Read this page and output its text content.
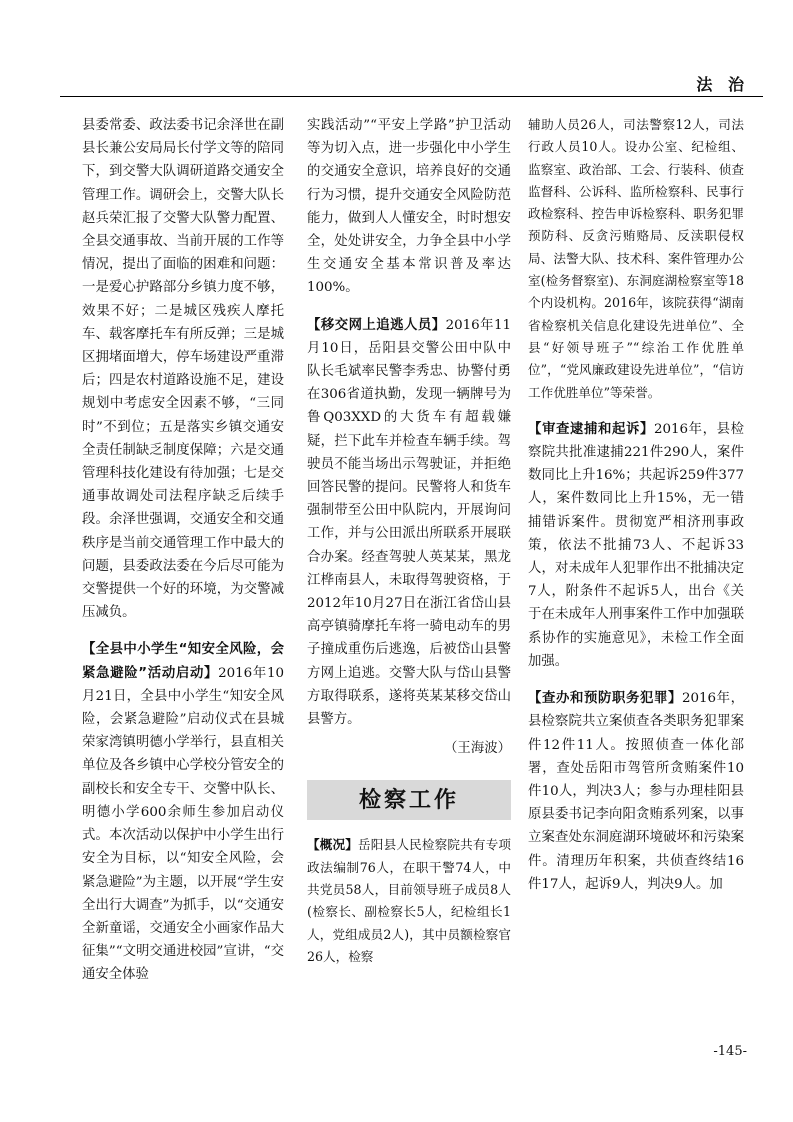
法 治

县委常委、政法委书记余泽世在副县长兼公安局局长付学文等的陪同下，到交警大队调研道路交通安全管理工作。调研会上，交警大队长赵兵荣汇报了交警大队警力配置、全县交通事故、当前开展的工作等情况，提出了面临的困难和问题：一是爱心护路部分乡镇力度不够，效果不好；二是城区残疾人摩托车、载客摩托车有所反弹；三是城区拥堵面增大，停车场建设严重滞后；四是农村道路设施不足，建设规划中考虑安全因素不够，“三同时”不到位；五是落实乡镇交通安全责任制缺乏制度保障；六是交通管理科技化建设有待加强；七是交通事故调处司法程序缺乏后续手段。余泽世强调，交通安全和交通秩序是当前交通管理工作中最大的问题，县委政法委在今后尽可能为交警提供一个好的环境，为交警减压减负。

【全县中小学生“知安全风险，会紧急避险”活动启动】2016年10月21日，全县中小学生“知安全风险，会紧急避险”启动仪式在县城荣家湾镇明德小学举行，县直相关单位及各乡镇中心学校分管安全的副校长和安全专干、交警中队长、明德小学600余师生参加启动仪式。本次活动以保护中小学生出行安全为目标，以“知安全风险，会紧急避险”为主题，以开展“学生安全出行大调查”为抓手，以“交通安全新童谣，交通安全小画家作品大征集”“文明交通进校园”宣讲，“交通安全体验

实践活动”“平安上学路”护卫活动等为切入点，进一步强化中小学生的交通安全意识，培养良好的交通行为习惯，提升交通安全风险防范能力，做到人人懂安全，时时想安全，处处讲安全，力争全县中小学生交通安全基本常识普及率达100%。

【移交网上追逃人员】2016年11月10日，岳阳县交警公田中队中队长毛斌率民警李秀忠、协警付勇在306省道执勤，发现一辆牌号为鲁Q03XXD的大货车有超载嫌疑，拦下此车并检查车辆手续。驾驶员不能当场出示驾驶证，并拒绝回答民警的提问。民警将人和货车强制带至公田中队院内，开展询问工作，并与公田派出所联系开展联合办案。经查驾驶人英某某，黑龙江桦南县人，未取得驾驶资格，于2012年10月27日在浙江省岱山县高亭镇骑摩托车将一骑电动车的男子撞成重伤后逃逸，后被岱山县警方网上追逃。交警大队与岱山县警方取得联系，遂将英某某移交岱山县警方。

（王海波）

检察工作

【概况】岳阳县人民检察院共有专项政法编制76人，在职干警74人，中共党员58人，目前领导班子成员8人(检察长、副检察长5人，纪检组长1人，党组成员2人)，其中员额检察官26人，检察

辅助人员26人，司法警察12人，司法行政人员10人。设办公室、纪检组、监察室、政治部、工会、行装科、侦查监督科、公诉科、监所检察科、民事行政检察科、控告申诉检察科、职务犯罪预防科、反贪污贿赂局、反渎职侵权局、法警大队、技术科、案件管理办公室(检务督察室)、东洞庭湖检察室等18个内设机构。2016年，该院获得“湖南省检察机关信息化建设先进单位”、全县“好领导班子”“综治工作优胜单位”，“党风廉政建设先进单位”，“信访工作优胜单位”等荣誉。

【审查逮捕和起诉】2016年，县检察院共批准逮捕221件290人，案件数同比上升16%；共起诉259件377人，案件数同比上升15%，无一错捕错诉案件。贯彻宽严相济刑事政策，依法不批捕73人、不起诉33人，对未成年人犯罪作出不批捕决定7人，附条件不起诉5人，出台《关于在未成年人刑事案件工作中加强联系协作的实施意见》，未检工作全面加强。

【查办和预防职务犯罪】2016年，县检察院共立案侦查各类职务犯罪案件12件11人。按照侦查一体化部署，查处岳阳市驾管所贪贿案件10件10人，判决3人；参与办理桂阳县原县委书记李向阳贪贿系列案，以事立案查处东洞庭湖环境破坏和污染案件。清理历年积案，共侦查终结16件17人，起诉9人，判决9人。加

-145-
